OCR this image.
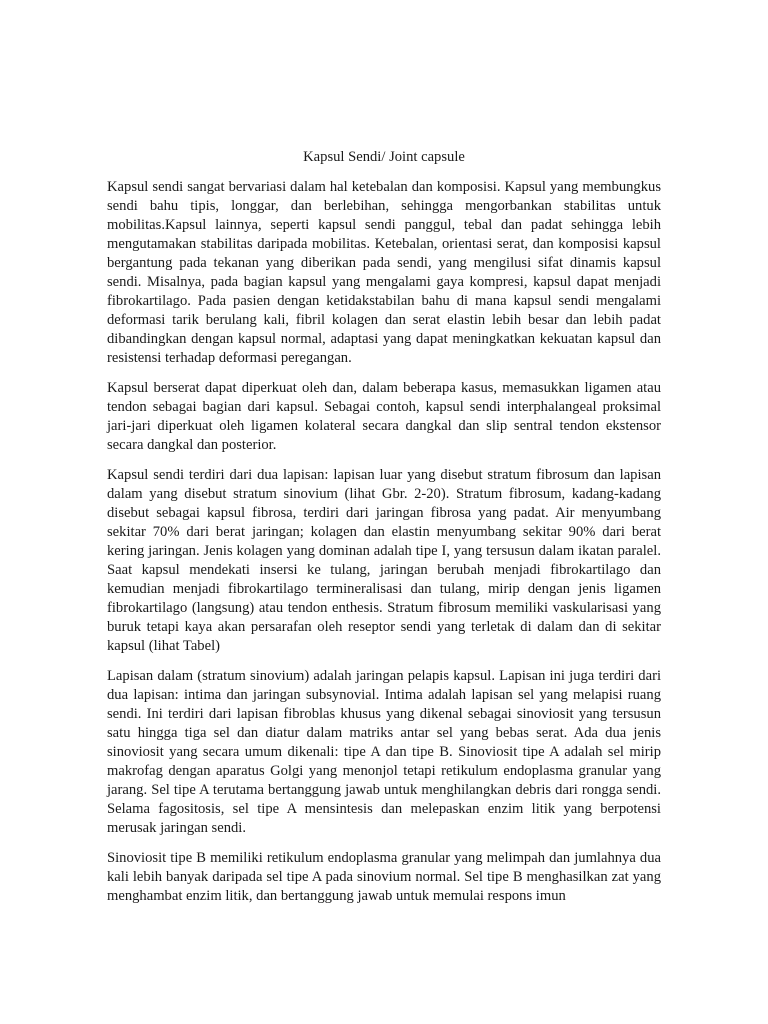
Kapsul Sendi/ Joint capsule

Kapsul sendi sangat bervariasi dalam hal ketebalan dan komposisi. Kapsul yang membungkus sendi bahu tipis, longgar, dan berlebihan, sehingga mengorbankan stabilitas untuk mobilitas.Kapsul lainnya, seperti kapsul sendi panggul, tebal dan padat sehingga lebih mengutamakan stabilitas daripada mobilitas. Ketebalan, orientasi serat, dan komposisi kapsul bergantung pada tekanan yang diberikan pada sendi, yang mengilusi sifat dinamis kapsul sendi. Misalnya, pada bagian kapsul yang mengalami gaya kompresi, kapsul dapat menjadi fibrokartilago. Pada pasien dengan ketidakstabilan bahu di mana kapsul sendi mengalami deformasi tarik berulang kali, fibril kolagen dan serat elastin lebih besar dan lebih padat dibandingkan dengan kapsul normal, adaptasi yang dapat meningkatkan kekuatan kapsul dan resistensi terhadap deformasi peregangan.

Kapsul berserat dapat diperkuat oleh dan, dalam beberapa kasus, memasukkan ligamen atau tendon sebagai bagian dari kapsul. Sebagai contoh, kapsul sendi interphalangeal proksimal jari-jari diperkuat oleh ligamen kolateral secara dangkal dan slip sentral tendon ekstensor secara dangkal dan posterior.

Kapsul sendi terdiri dari dua lapisan: lapisan luar yang disebut stratum fibrosum dan lapisan dalam yang disebut stratum sinovium (lihat Gbr. 2-20). Stratum fibrosum, kadang-kadang disebut sebagai kapsul fibrosa, terdiri dari jaringan fibrosa yang padat. Air menyumbang sekitar 70% dari berat jaringan; kolagen dan elastin menyumbang sekitar 90% dari berat kering jaringan. Jenis kolagen yang dominan adalah tipe I, yang tersusun dalam ikatan paralel. Saat kapsul mendekati insersi ke tulang, jaringan berubah menjadi fibrokartilago dan kemudian menjadi fibrokartilago termineralisasi dan tulang, mirip dengan jenis ligamen fibrokartilago (langsung) atau tendon enthesis. Stratum fibrosum memiliki vaskularisasi yang buruk tetapi kaya akan persarafan oleh reseptor sendi yang terletak di dalam dan di sekitar kapsul (lihat Tabel)

Lapisan dalam (stratum sinovium) adalah jaringan pelapis kapsul. Lapisan ini juga terdiri dari dua lapisan: intima dan jaringan subsynovial. Intima adalah lapisan sel yang melapisi ruang sendi. Ini terdiri dari lapisan fibroblas khusus yang dikenal sebagai sinoviosit yang tersusun satu hingga tiga sel dan diatur dalam matriks antar sel yang bebas serat. Ada dua jenis sinoviosit yang secara umum dikenali: tipe A dan tipe B. Sinoviosit tipe A adalah sel mirip makrofag dengan aparatus Golgi yang menonjol tetapi retikulum endoplasma granular yang jarang. Sel tipe A terutama bertanggung jawab untuk menghilangkan debris dari rongga sendi. Selama fagositosis, sel tipe A mensintesis dan melepaskan enzim litik yang berpotensi merusak jaringan sendi.

Sinoviosit tipe B memiliki retikulum endoplasma granular yang melimpah dan jumlahnya dua kali lebih banyak daripada sel tipe A pada sinovium normal. Sel tipe B menghasilkan zat yang menghambat enzim litik, dan bertanggung jawab untuk memulai respons imun
